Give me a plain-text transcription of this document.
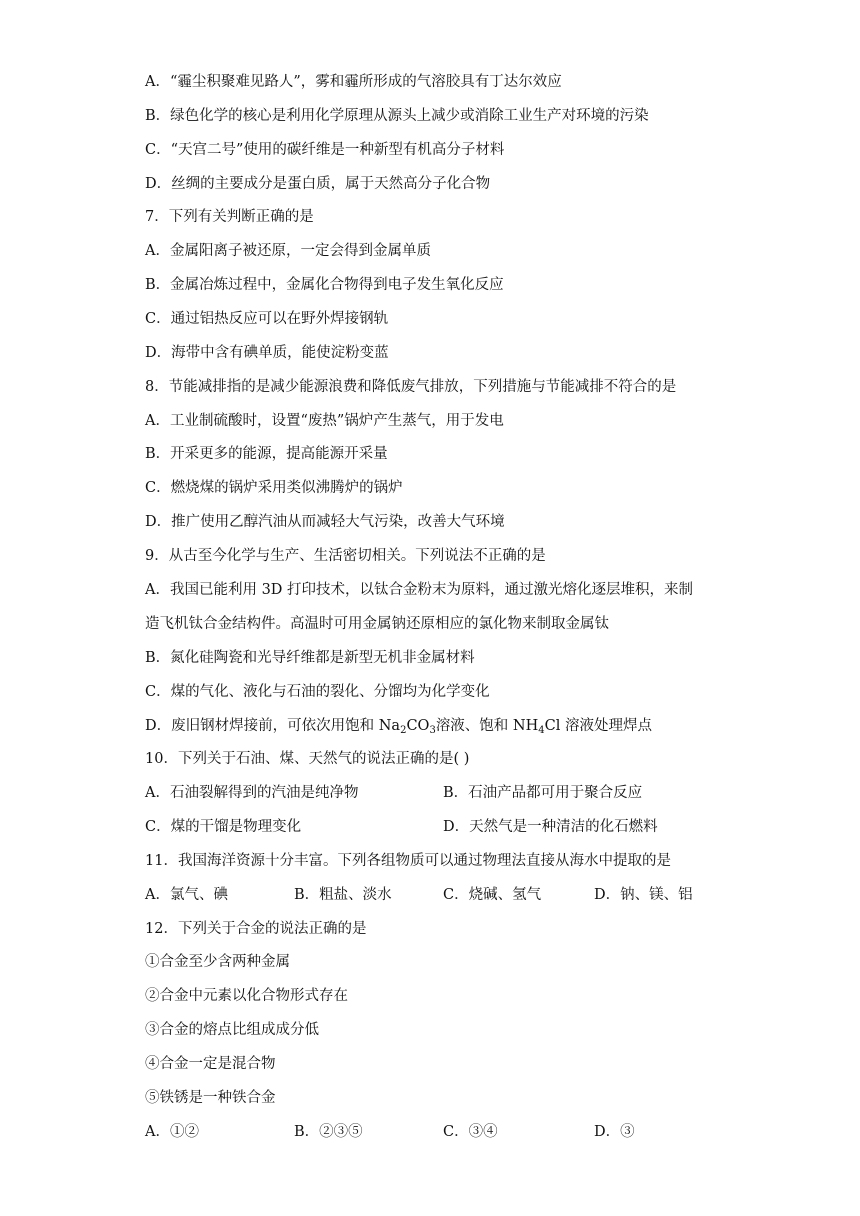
A．“霾尘积聚难见路人”，雾和霾所形成的气溶胶具有丁达尔效应
B．绿色化学的核心是利用化学原理从源头上减少或消除工业生产对环境的污染
C．“天宫二号”使用的碳纤维是一种新型有机高分子材料
D．丝绸的主要成分是蛋白质，属于天然高分子化合物
7．下列有关判断正确的是
A．金属阳离子被还原，一定会得到金属单质
B．金属冶炼过程中，金属化合物得到电子发生氧化反应
C．通过铝热反应可以在野外焊接钢轨
D．海带中含有碘单质，能使淀粉变蓝
8．节能减排指的是减少能源浪费和降低废气排放，下列措施与节能减排不符合的是
A．工业制硫酸时，设置“废热”锅炉产生蒸气，用于发电
B．开采更多的能源，提高能源开采量
C．燃烧煤的锅炉采用类似沸腾炉的锅炉
D．推广使用乙醇汽油从而减轻大气污染，改善大气环境
9．从古至今化学与生产、生活密切相关。下列说法不正确的是
A．我国已能利用 3D 打印技术，以钛合金粉末为原料，通过激光熔化逐层堆积，来制
造飞机钛合金结构件。高温时可用金属钠还原相应的氯化物来制取金属钛
B．氮化硅陶瓷和光导纤维都是新型无机非金属材料
C．煤的气化、液化与石油的裂化、分馏均为化学变化
D．废旧钢材焊接前，可依次用饱和 $Na_2CO_3$溶液、饱和 $NH_4Cl$ 溶液处理焊点
10．下列关于石油、煤、天然气的说法正确的是( )
A．石油裂解得到的汽油是纯净物	B．石油产品都可用于聚合反应
C．煤的干馏是物理变化	D．天然气是一种清洁的化石燃料
11．我国海洋资源十分丰富。下列各组物质可以通过物理法直接从海水中提取的是
A．氯气、碘	B．粗盐、淡水	C．烧碱、氢气	D．钠、镁、铝
12．下列关于合金的说法正确的是
①合金至少含两种金属
②合金中元素以化合物形式存在
③合金的熔点比组成成分低
④合金一定是混合物
⑤铁锈是一种铁合金
A．①②	B．②③⑤	C．③④	D．③
